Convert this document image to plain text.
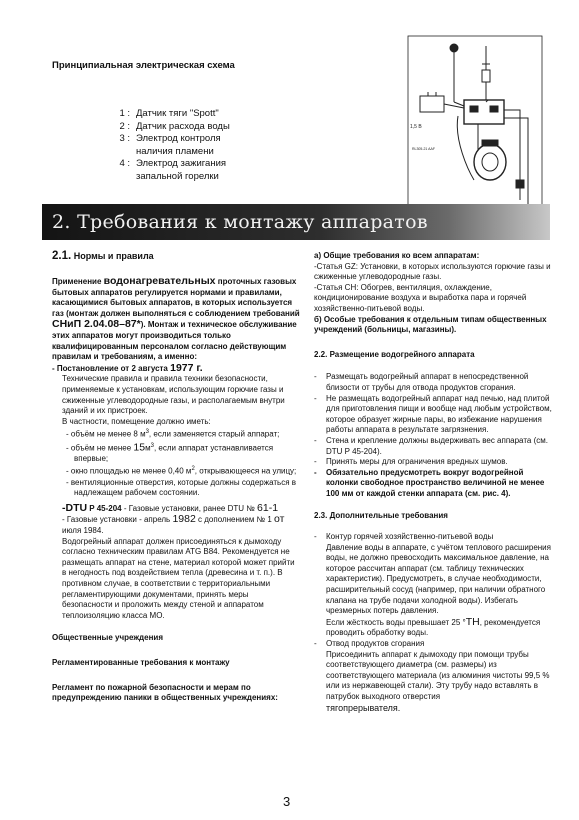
Принципиальная электрическая схема
1 : Датчик тяги "Spott"
2 : Датчик расхода воды
3 : Электрод контроля
наличия пламени
4 : Электрод зажигания
запальной горелки
1,5 В
RL305-21 AAF
2. Требования к монтажу аппаратов
2.1. Нормы и правила

Применение водонагревательных проточных газовых бытовых аппаратов регулируется нормами и правилами, касающимися бытовых аппаратов, в которых используется газ (монтаж должен выполняться с соблюдением требований СНиП 2.04.08–87*). Монтаж и техническое обслуживание этих аппаратов могут производиться только квалифицированным персоналом согласно действующим правилам и требованиям, а именно:

- Постановление от 2 августа 1977 г.

Технические правила и правила техники безопасности, применяемые к установкам, использующим горючие газы и сжиженные углеводородные газы, и располагаемым внутри зданий и их пристроек.

В частности, помещение должно иметь:

- объём не менее 8 $м^3$, если заменяется старый аппарат;

- объём не менее $15м^3$, если аппарат устанавливается впервые;

- окно площадью не менее 0,40 $м^2$, открывающееся на улицу;

- вентиляционные отверстия, которые должны содержаться в надлежащем рабочем состоянии.

-DTU P 45-204 - Газовые установки, ранее DTU № 61-1

- Газовые установки - апрель 1982 с дополнением № 1 от июля 1984.

Водогрейный аппарат должен присоединяться к дымоходу согласно техническим правилам ATG B84. Рекомендуется не размещать аппарат на стене, материал которой может прийти в негодность под воздействием тепла (древесина и т. п.). В противном случае, в соответствии с территориальными регламентирующими документами, принять меры безопасности и проложить между стеной и аппаратом теплоизоляцию класса МО.

Общественные учреждения

Регламентированные требования к монтажу

Регламент по пожарной безопасности и мерам по предупреждению паники в общественных учреждениях:

а) Общие требования ко всем аппаратам:

-Статья GZ: Установки, в которых используются горючие газы и сжиженные углеводородные газы.

-Статья CH: Обогрев, вентиляция, охлаждение, кондиционирование воздуха и выработка пара и горячей хозяйственно-питьевой воды.

б) Особые требования к отдельным типам общественных учреждений (больницы, магазины).

2.2. Размещение водогрейного аппарата

- Размещать водогрейный аппарат в непосредственной близости от трубы для отвода продуктов сгорания.

- Не размещать водогрейный аппарат над печью, над плитой для приготовления пищи и вообще над любым устройством, которое образует жирные пары, во избежание нарушения работы аппарата в результате загрязнения.

- Стена и крепление должны выдерживать вес аппарата (см. DTU P 45-204).

- Принять меры для ограничения вредных шумов.

- Обязательно предусмотреть вокруг водогрейной колонки свободное пространство величиной не менее 100 мм от каждой стенки аппарата (см. рис. 4).

2.3. Дополнительные требования

- Контур горячей хозяйственно-питьевой воды

Давление воды в аппарате, с учётом теплового расширения воды, не должно превосходить максимальное давление, на которое рассчитан аппарат (см. таблицу технических характеристик). Предусмотреть, в случае необходимости, расширительный сосуд (например, при наличии обратного клапана на трубе подачи холодной воды). Избегать чрезмерных потерь давления.

Если жёсткость воды превышает 25 °ТН, рекомендуется проводить обработку воды.

- Отвод продуктов сгорания

Присоединить аппарат к дымоходу при помощи трубы соответствующего диаметра (см. размеры) из соответствующего материала (из алюминия чистоты 99,5 % или из нержавеющей стали). Эту трубу надо вставлять в патрубок выходного отверстия

тягопрерывателя.

3
